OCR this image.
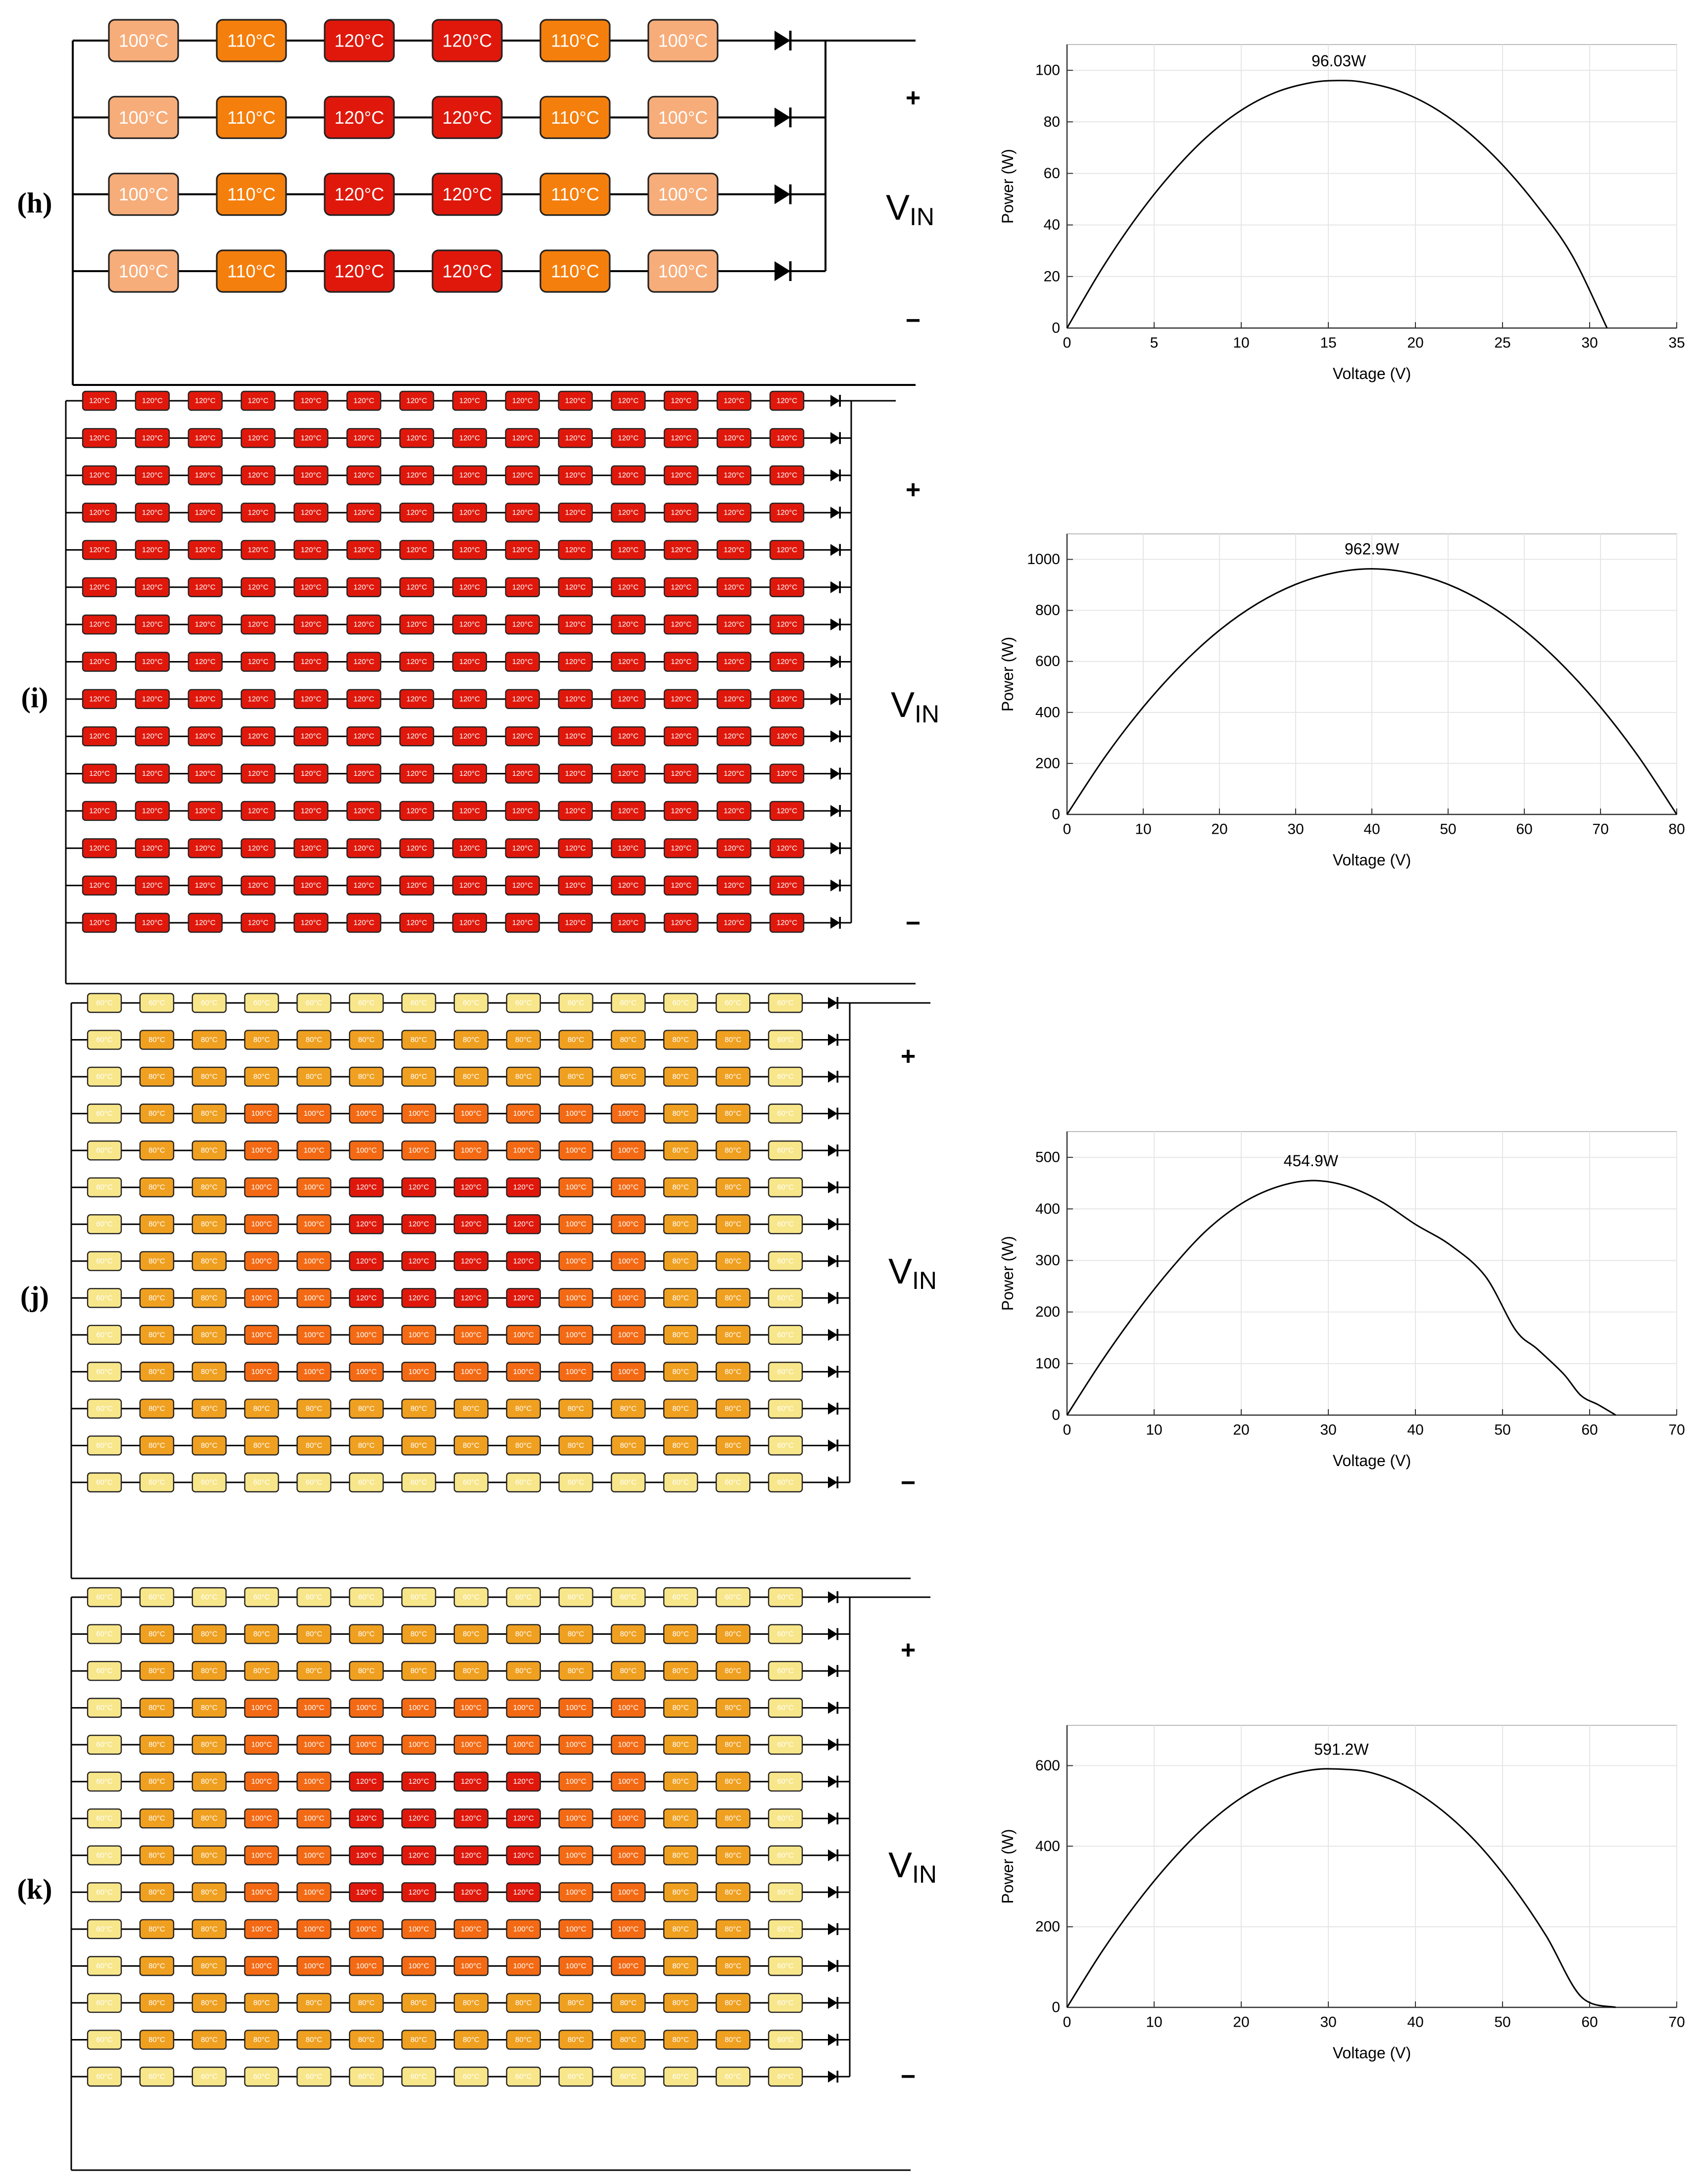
100°C	110°C	120°C	120°C	110°C	100°C
100°C	110°C	120°C	120°C	110°C	100°C
100°C	110°C	120°C	120°C	110°C	100°C
100°C	110°C	120°C	120°C	110°C	100°C
(h)
+
−
$V_{IN}$
120°C	120°C	120°C	120°C	120°C	120°C	120°C	120°C	120°C	120°C	120°C	120°C	120°C	120°C
120°C	120°C	120°C	120°C	120°C	120°C	120°C	120°C	120°C	120°C	120°C	120°C	120°C	120°C
120°C	120°C	120°C	120°C	120°C	120°C	120°C	120°C	120°C	120°C	120°C	120°C	120°C	120°C
120°C	120°C	120°C	120°C	120°C	120°C	120°C	120°C	120°C	120°C	120°C	120°C	120°C	120°C
120°C	120°C	120°C	120°C	120°C	120°C	120°C	120°C	120°C	120°C	120°C	120°C	120°C	120°C
120°C	120°C	120°C	120°C	120°C	120°C	120°C	120°C	120°C	120°C	120°C	120°C	120°C	120°C
120°C	120°C	120°C	120°C	120°C	120°C	120°C	120°C	120°C	120°C	120°C	120°C	120°C	120°C
120°C	120°C	120°C	120°C	120°C	120°C	120°C	120°C	120°C	120°C	120°C	120°C	120°C	120°C
120°C	120°C	120°C	120°C	120°C	120°C	120°C	120°C	120°C	120°C	120°C	120°C	120°C	120°C
120°C	120°C	120°C	120°C	120°C	120°C	120°C	120°C	120°C	120°C	120°C	120°C	120°C	120°C
120°C	120°C	120°C	120°C	120°C	120°C	120°C	120°C	120°C	120°C	120°C	120°C	120°C	120°C
120°C	120°C	120°C	120°C	120°C	120°C	120°C	120°C	120°C	120°C	120°C	120°C	120°C	120°C
120°C	120°C	120°C	120°C	120°C	120°C	120°C	120°C	120°C	120°C	120°C	120°C	120°C	120°C
120°C	120°C	120°C	120°C	120°C	120°C	120°C	120°C	120°C	120°C	120°C	120°C	120°C	120°C
120°C	120°C	120°C	120°C	120°C	120°C	120°C	120°C	120°C	120°C	120°C	120°C	120°C	120°C
(i)
+
−
$V_{IN}$
60°C	60°C	60°C	60°C	60°C	60°C	60°C	60°C	60°C	60°C	60°C	60°C	60°C	60°C
60°C	80°C	80°C	80°C	80°C	80°C	80°C	80°C	80°C	80°C	80°C	80°C	80°C	60°C
60°C	80°C	80°C	80°C	80°C	80°C	80°C	80°C	80°C	80°C	80°C	80°C	80°C	60°C
60°C	80°C	80°C	100°C	100°C	100°C	100°C	100°C	100°C	100°C	100°C	80°C	80°C	60°C
60°C	80°C	80°C	100°C	100°C	100°C	100°C	100°C	100°C	100°C	100°C	80°C	80°C	60°C
60°C	80°C	80°C	100°C	100°C	120°C	120°C	120°C	120°C	100°C	100°C	80°C	80°C	60°C
60°C	80°C	80°C	100°C	100°C	120°C	120°C	120°C	120°C	100°C	100°C	80°C	80°C	60°C
60°C	80°C	80°C	100°C	100°C	120°C	120°C	120°C	120°C	100°C	100°C	80°C	80°C	60°C
60°C	80°C	80°C	100°C	100°C	120°C	120°C	120°C	120°C	100°C	100°C	80°C	80°C	60°C
60°C	80°C	80°C	100°C	100°C	100°C	100°C	100°C	100°C	100°C	100°C	80°C	80°C	60°C
60°C	80°C	80°C	100°C	100°C	100°C	100°C	100°C	100°C	100°C	100°C	80°C	80°C	60°C
60°C	80°C	80°C	80°C	80°C	80°C	80°C	80°C	80°C	80°C	80°C	80°C	80°C	60°C
60°C	80°C	80°C	80°C	80°C	80°C	80°C	80°C	80°C	80°C	80°C	80°C	80°C	60°C
60°C	60°C	60°C	60°C	60°C	60°C	60°C	60°C	60°C	60°C	60°C	60°C	60°C	60°C
(j)
+
−
$V_{IN}$
60°C	60°C	60°C	60°C	60°C	60°C	60°C	60°C	60°C	60°C	60°C	60°C	60°C	60°C
60°C	80°C	80°C	80°C	80°C	80°C	80°C	80°C	80°C	80°C	80°C	80°C	80°C	60°C
60°C	80°C	80°C	80°C	80°C	80°C	80°C	80°C	80°C	80°C	80°C	80°C	80°C	60°C
60°C	80°C	80°C	100°C	100°C	100°C	100°C	100°C	100°C	100°C	100°C	80°C	80°C	60°C
60°C	80°C	80°C	100°C	100°C	100°C	100°C	100°C	100°C	100°C	100°C	80°C	80°C	60°C
60°C	80°C	80°C	100°C	100°C	120°C	120°C	120°C	120°C	100°C	100°C	80°C	80°C	60°C
60°C	80°C	80°C	100°C	100°C	120°C	120°C	120°C	120°C	100°C	100°C	80°C	80°C	60°C
60°C	80°C	80°C	100°C	100°C	120°C	120°C	120°C	120°C	100°C	100°C	80°C	80°C	60°C
60°C	80°C	80°C	100°C	100°C	120°C	120°C	120°C	120°C	100°C	100°C	80°C	80°C	60°C
60°C	80°C	80°C	100°C	100°C	100°C	100°C	100°C	100°C	100°C	100°C	80°C	80°C	60°C
60°C	80°C	80°C	100°C	100°C	100°C	100°C	100°C	100°C	100°C	100°C	80°C	80°C	60°C
60°C	80°C	80°C	80°C	80°C	80°C	80°C	80°C	80°C	80°C	80°C	80°C	80°C	60°C
60°C	80°C	80°C	80°C	80°C	80°C	80°C	80°C	80°C	80°C	80°C	80°C	80°C	60°C
60°C	60°C	60°C	60°C	60°C	60°C	60°C	60°C	60°C	60°C	60°C	60°C	60°C	60°C
(k)
+
−
$V_{IN}$
0	5	10	15	20	25	30	35
0
20
40
60
80
100
Voltage (V)
Power (W)
96.03W
0	10	20	30	40	50	60	70	80
0
200
400
600
800
1000
Voltage (V)
Power (W)
962.9W
0	10	20	30	40	50	60	70
0
100
200
300
400
500
Voltage (V)
Power (W)
454.9W
0	10	20	30	40	50	60	70
0
200
400
600
Voltage (V)
Power (W)
591.2W
